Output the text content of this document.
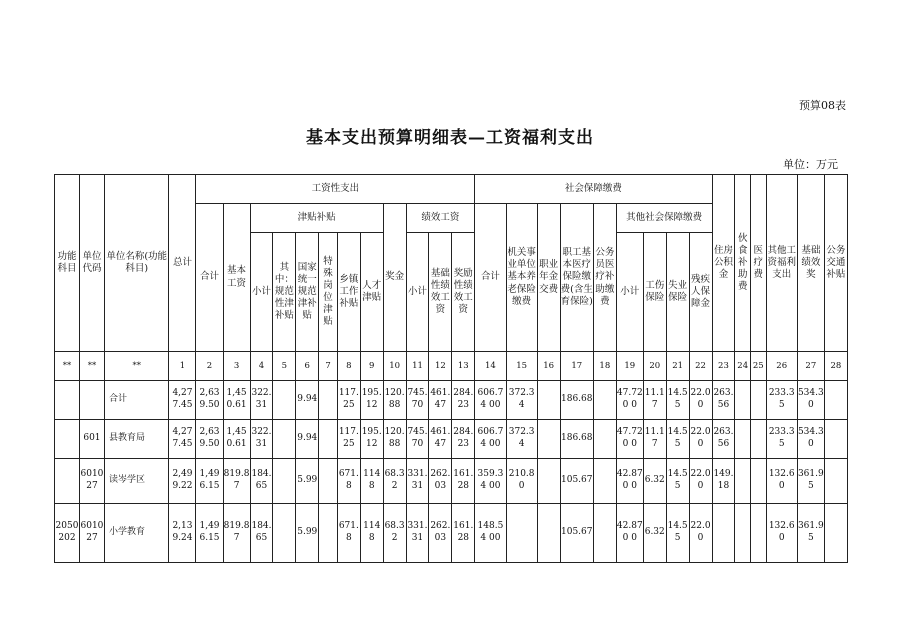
预算08表
基本支出预算明细表—工资福利支出
单位：万元
功能科目	单位代码	单位名称(功能科目)	总计	工资性支出												社会保障缴费									住房公积金	伙食补助费	医疗费	其他工资福利支出	基础绩效奖	公务交通补贴
				合计	基本工资	津贴补贴						奖金	绩效工资			合计	机关事业单位基本养老保险缴费	职业年金交费	职工基本医疗保险缴费(含生育保险)	公务员医疗补助缴费	其他社会保障缴费									
						小计	其中：规范性津补贴	国家统一规范津补贴	特殊岗位津贴	乡镇工作补贴	人才津贴		小计	基础性绩效工资	奖励性绩效工资						小计	工伤保险	失业保险	残疾人保障金						
**	**	**	1	2	3	4	5	6	7	8	9	10	11	12	13	14	15	16	17	18	19	20	21	22	23	24	25	26	27	28
		合计	4,277.45	2,639.50	1,450.61	322.31		9.94		117.25	195.12	120.88	745.70	461.47	284.23	606.74 00	372.34		186.68		47.720 0	11.17	14.55	22.00	263.56			233.35	534.30	
	601	县教育局	4,277.45	2,639.50	1,450.61	322.31		9.94		117.25	195.12	120.88	745.70	461.47	284.23	606.74 00	372.34		186.68		47.720 0	11.17	14.55	22.00	263.56			233.35	534.30	
	601027	读岑学区	2,499.22	1,496.15	819.87	184.65		5.99		671.8	1148	68.32	331.31	262.03	161.28	359.34 00	210.80		105.67		42.870 0	6.32	14.55	22.00	149.18			132.60	361.95	
2050202	601027	小学教育	2,139.24	1,496.15	819.87	184.65		5.99		671.8	1148	68.32	331.31	262.03	161.28	148.54 00			105.67		42.870 0	6.32	14.55	22.00				132.60	361.95	
